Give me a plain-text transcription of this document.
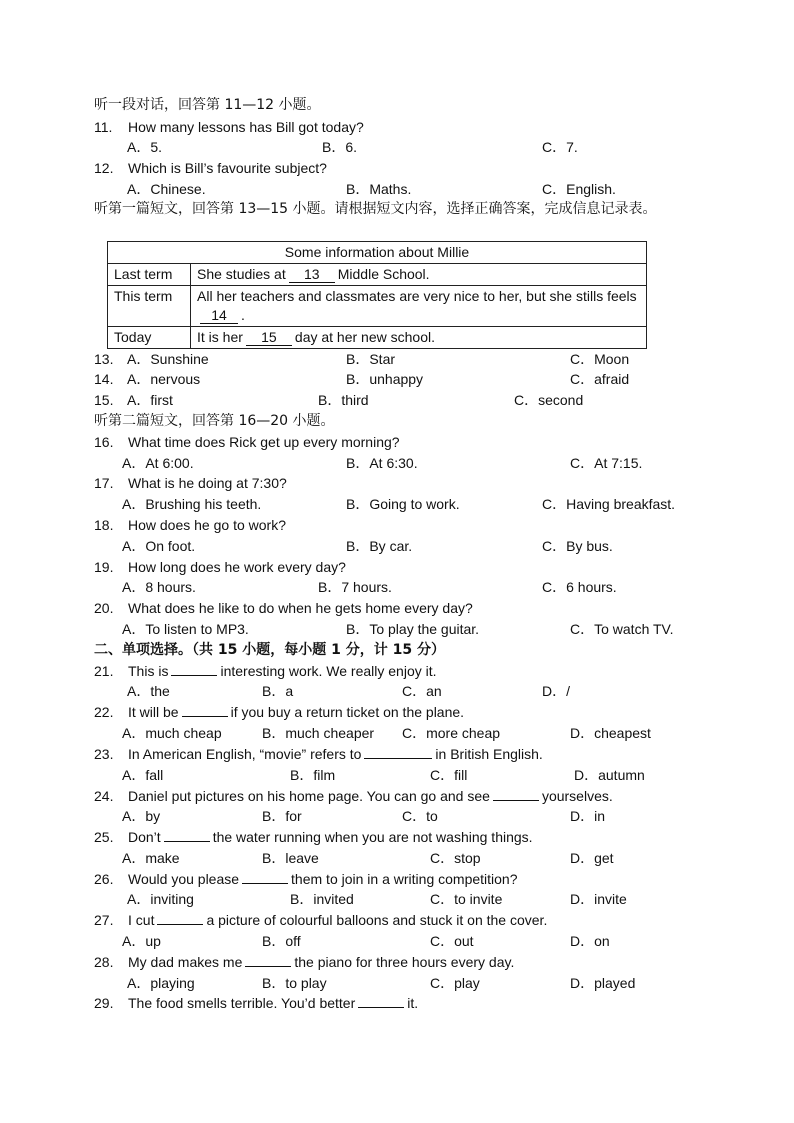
听一段对话，回答第 11—12 小题。
11. How many lessons has Bill got today?
A．5.	B．6.	C．7.
12. Which is Bill’s favourite subject?
A．Chinese.	B．Maths.	C．English.
听第一篇短文，回答第 13—15 小题。请根据短文内容，选择正确答案，完成信息记录表。
Some information about Millie	
Last term	She studies at 13 Middle School.
This term	All her teachers and classmates are very nice to her, but she stills feels14 .
Today	It is her 15 day at her new school.
13. A．Sunshine	B．Star	C．Moon
14. A．nervous	B．unhappy	C．afraid
15. A．first	B．third	C．second
听第二篇短文，回答第 16—20 小题。
16. What time does Rick get up every morning?
A．At 6:00.	B．At 6:30.	C．At 7:15.
17. What is he doing at 7:30?
A．Brushing his teeth.	B．Going to work.	C．Having breakfast.
18. How does he go to work?
A．On foot.	B．By car.	C．By bus.
19. How long does he work every day?
A．8 hours.	B．7 hours.	C．6 hours.
20. What does he like to do when he gets home every day?
A．To listen to MP3.	B．To play the guitar.	C．To watch TV.
二、单项选择。（共 15 小题，每小题 1 分，计 15 分）
21. This is	interesting work. We really enjoy it.
A．the	B．a	C．an	D．/
22. It will be	if you buy a return ticket on the plane.
A．much cheap	B．much cheaper C．more cheap	D．cheapest
23. In American English, “movie” refers to	in British English.
A．fall	B．film	C．fill	D．autumn
24. Daniel put pictures on his home page. You can go and see	yourselves.
A．by	B．for	C．to	D．in
25. Don’t	the water running when you are not washing things.
A．make	B．leave	C．stop	D．get
26. Would you please	them to join in a writing competition?
A．inviting	B．invited	C．to invite	D．invite
27. I cut	a picture of colourful balloons and stuck it on the cover.
A．up	B．off	C．out	D．on
28. My dad makes me	the piano for three hours every day.
A．playing	B．to play	C．play	D．played
29. The food smells terrible. You’d better	it.
